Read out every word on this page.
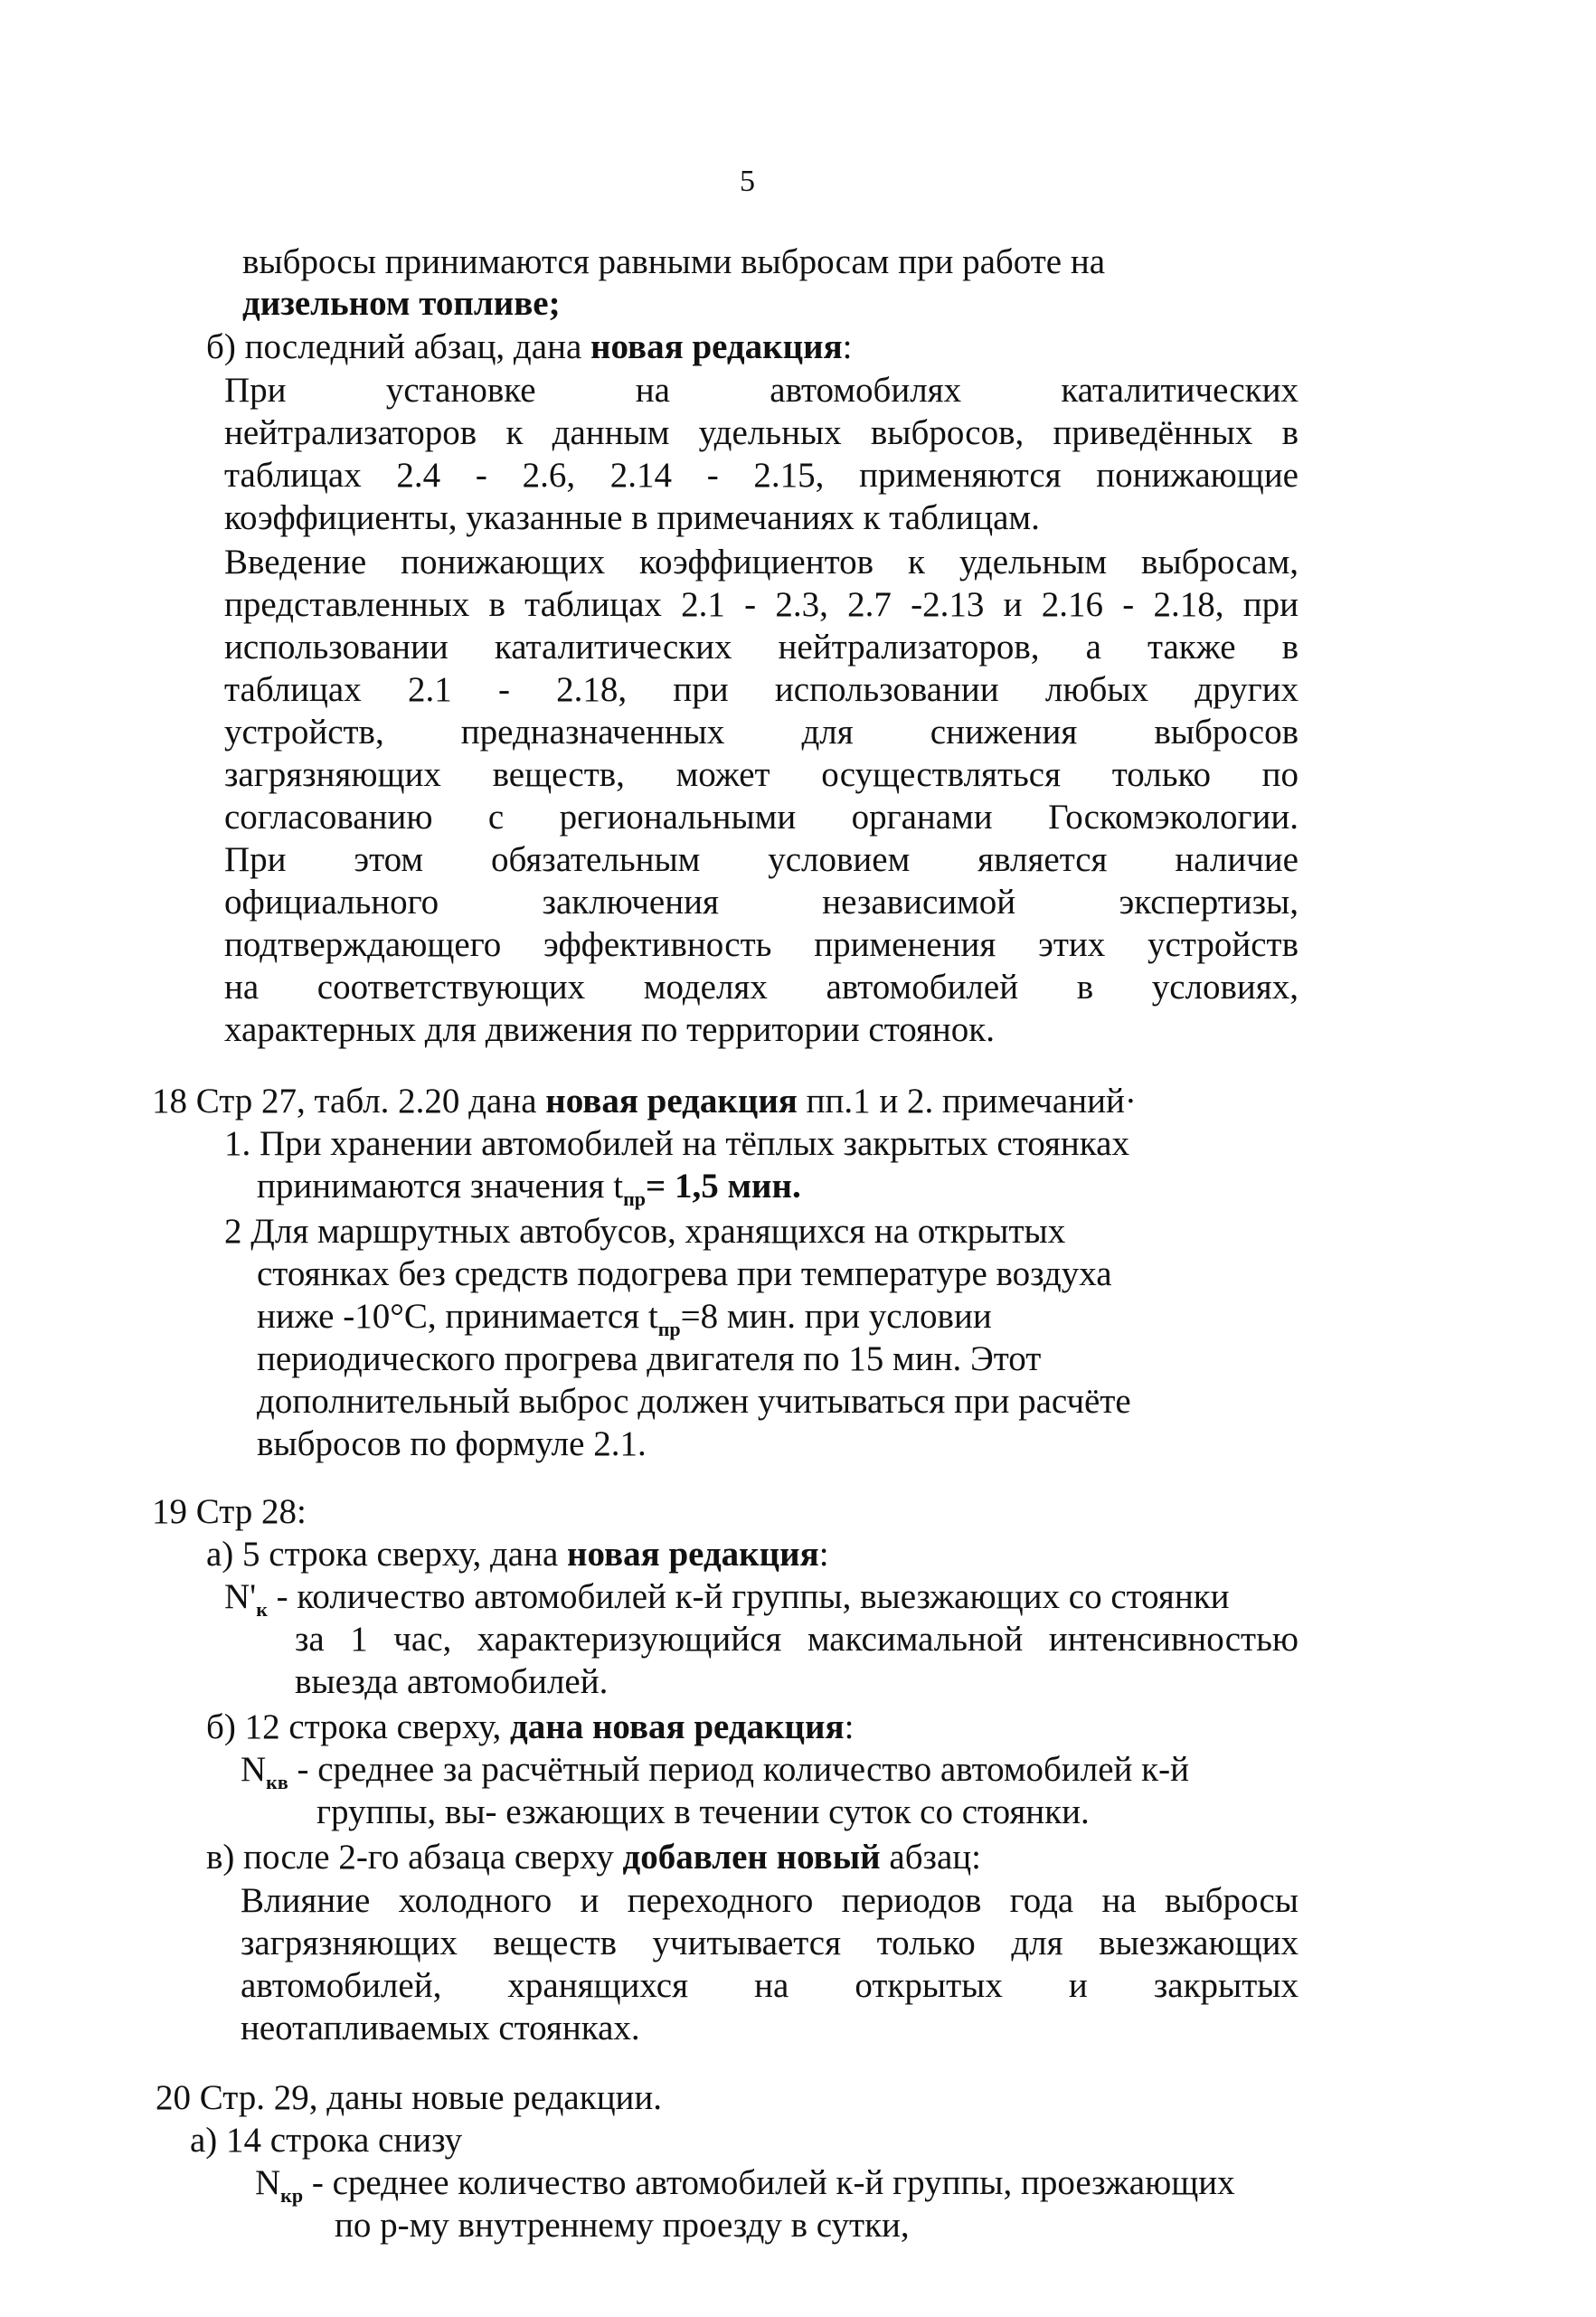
5
выбросы принимаются равными выбросам при работе на
дизельном топливе;
б) последний абзац, дана новая редакция:
При установке на автомобилях каталитических
нейтрализаторов к данным удельных выбросов, приведённых в
таблицах 2.4 - 2.6, 2.14 - 2.15, применяются понижающие
коэффициенты, указанные в примечаниях к таблицам.
Введение понижающих коэффициентов к удельным выбросам,
представленных в таблицах 2.1 - 2.3, 2.7 -2.13 и 2.16 - 2.18, при
использовании каталитических нейтрализаторов, а также в
таблицах 2.1 - 2.18, при использовании любых других
устройств, предназначенных для снижения выбросов
загрязняющих веществ, может осуществляться только по
согласованию с региональными органами Госкомэкологии.
При этом обязательным условием является наличие
официального заключения независимой экспертизы,
подтверждающего эффективность применения этих устройств
на соответствующих моделях автомобилей в условиях,
характерных для движения по территории стоянок.
18 Стр 27, табл. 2.20 дана новая редакция пп.1 и 2. примечаний·
1. При хранении автомобилей на тёплых закрытых стоянках
принимаются значения $t_{пр}= 1,5$ мин.
2 Для маршрутных автобусов, хранящихся на открытых
стоянках без средств подогрева при температуре воздуха
ниже -10°С, принимается $t_{пр}=8$ мин. при условии
периодического прогрева двигателя по 15 мин. Этот
дополнительный выброс должен учитываться при расчёте
выбросов по формуле 2.1.
19 Стр 28:
а) 5 строка сверху, дана новая редакция:
$N'_к$ - количество автомобилей к-й группы, выезжающих со стоянки
за 1 час, характеризующийся максимальной интенсивностью
выезда автомобилей.
б) 12 строка сверху, дана новая редакция:
$N_{кв}$ - среднее за расчётный период количество автомобилей к-й
группы, вы- езжающих в течении суток со стоянки.
в) после 2-го абзаца сверху добавлен новый абзац:
Влияние холодного и переходного периодов года на выбросы
загрязняющих веществ учитывается только для выезжающих
автомобилей, хранящихся на открытых и закрытых
неотапливаемых стоянках.
20 Стр. 29, даны новые редакции.
а) 14 строка снизу
$N_{кр}$ - среднее количество автомобилей к-й группы, проезжающих
по р-му внутреннему проезду в сутки,
